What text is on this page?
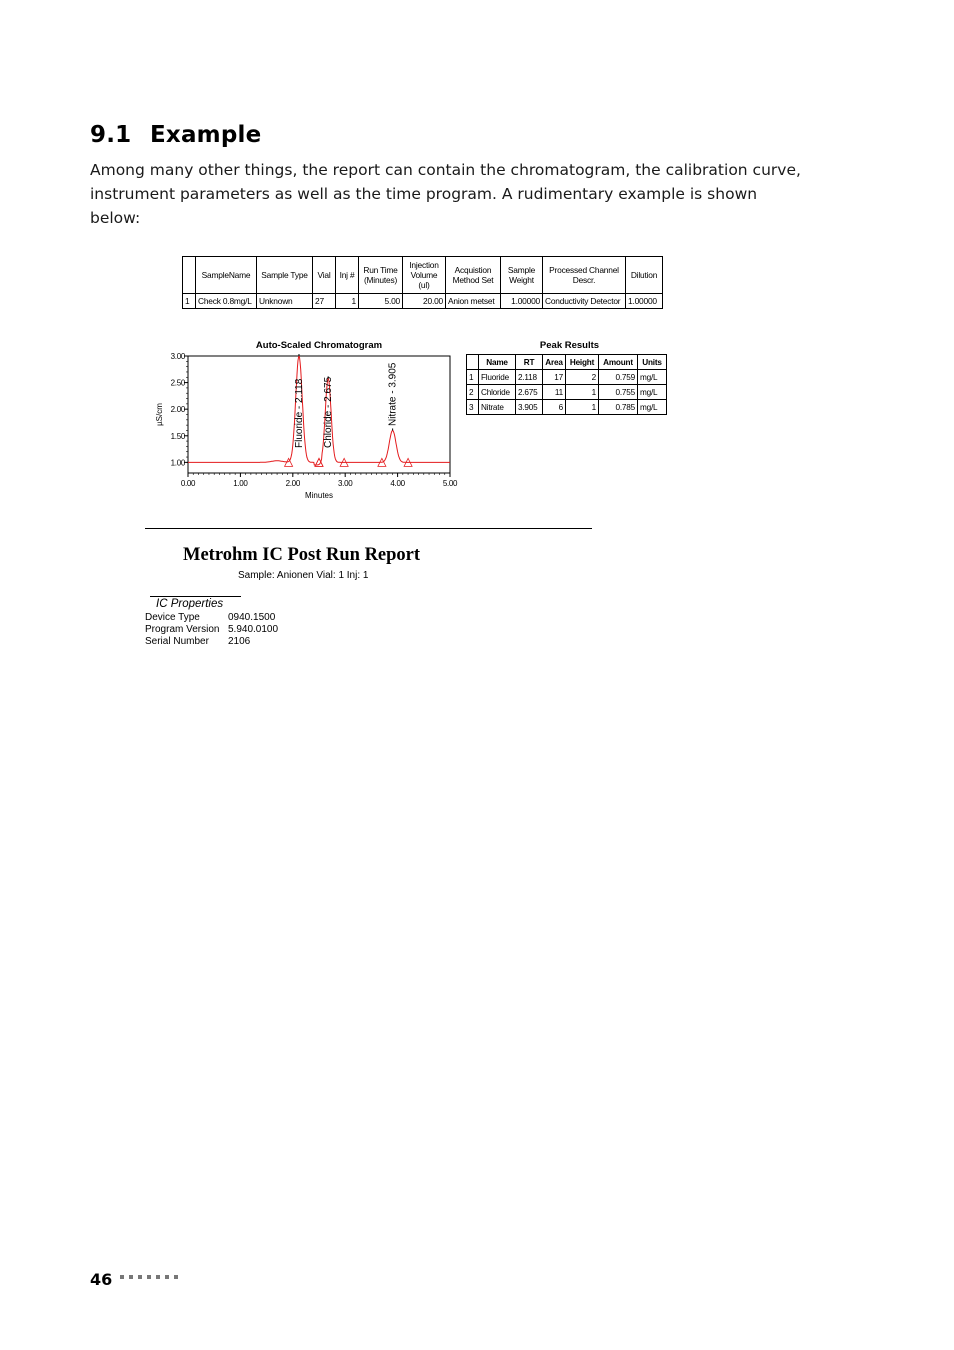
9.1 Example
Among many other things, the report can contain the chromatogram, the calibration curve, instrument parameters as well as the time program. A rudimentary example is shown below:
	SampleName	Sample Type	Vial	Inj #	Run Time (Minutes)	Injection Volume (ul)	Acquistion Method Set	Sample Weight	Processed Channel Descr.	Dilution
1	Check 0.8mg/L	Unknown	27	1	5.00	20.00	Anion metset	1.00000	Conductivity Detector	1.00000
Auto-Scaled Chromatogram
1.00
1.50
2.00
2.50
3.00
0.00	1.00	2.00	3.00	4.00	5.00
Minutes
µS/cm	Fluoride - 2.118 Chloride - 2.675	Nitrate - 3.905
Peak Results
	Name	RT	Area	Height	Amount	Units
1	Fluoride	2.118	17	2	0.759	mg/L
2	Chloride	2.675	11	1	0.755	mg/L
3	Nitrate	3.905	6	1	0.785	mg/L
Metrohm IC Post Run Report
Sample: Anionen Vial: 1 Inj: 1
IC Properties
Device Type	0940.1500
Program Version 5.940.0100
Serial Number 2106
46
